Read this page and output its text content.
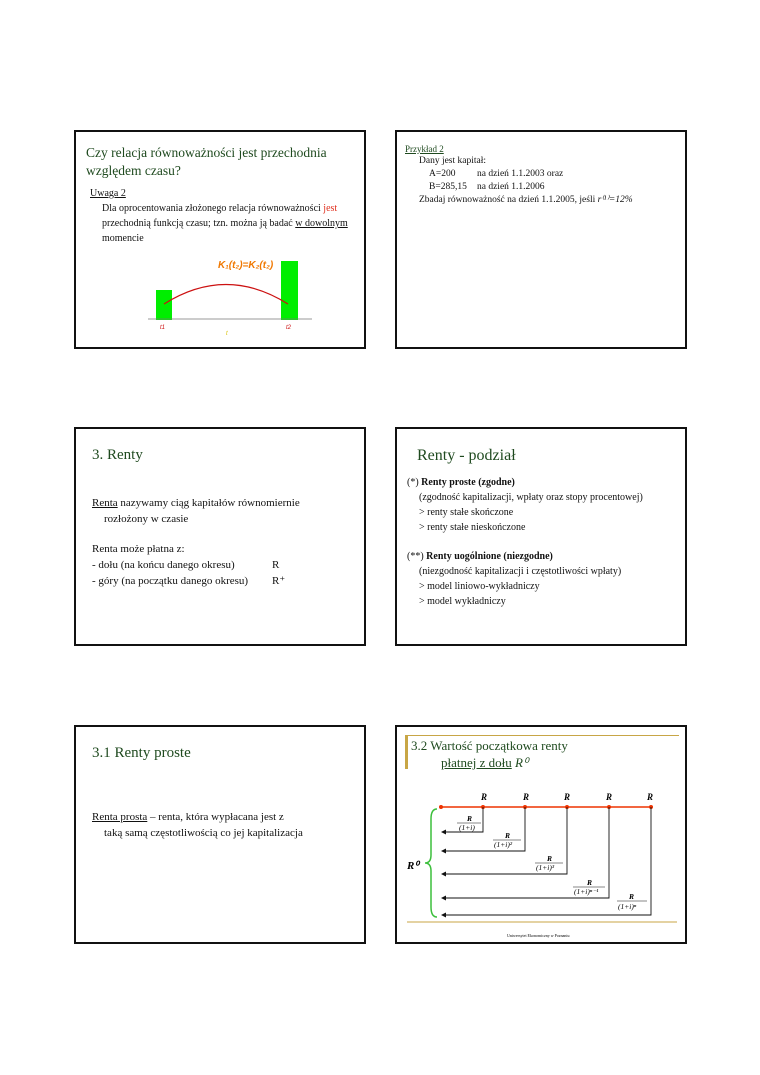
Czy relacja równoważności jest przechodnia
względem czasu?
Uwaga 2
Dla oprocentowania złożonego relacja równoważności jest
przechodnią funkcją czasu; tzn. można ją badać w dowolnym
momencie
K₁(t₂)=K₂(t₂)
t1
t
t2
Przykład 2
Dany jest kapitał:
A=200 na dzień 1.1.2003 oraz
B=285,15 na dzień 1.1.2006
Zbadaj równoważność na dzień 1.1.2005, jeśli r⁽¹⁾=12%
3. Renty
Renta nazywamy ciąg kapitałów równomiernie
rozłożony w czasie
Renta może płatna z:
- dołu (na końcu danego okresu)	R
- góry (na początku danego okresu) R⁺
Renty - podział
(*) Renty proste (zgodne)
(zgodność kapitalizacji, wpłaty oraz stopy procentowej)
> renty stałe skończone
> renty stałe nieskończone
(**) Renty uogólnione (niezgodne)
(niezgodność kapitalizacji i częstotliwości wpłaty)
> model liniowo-wykładniczy
> model wykładniczy
3.1 Renty proste
Renta prosta – renta, która wypłacana jest z
taką samą częstotliwością co jej kapitalizacja
3.2 Wartość początkowa renty
płatnej z dołu R⁰
R	R	R	R	R
R
(1+i)
R
(1+i)²
R
(1+i)³
R
(1+i)ⁿ⁻¹
R
(1+i)ⁿ
R⁰
Uniwersytet Ekonomiczny w Poznaniu
